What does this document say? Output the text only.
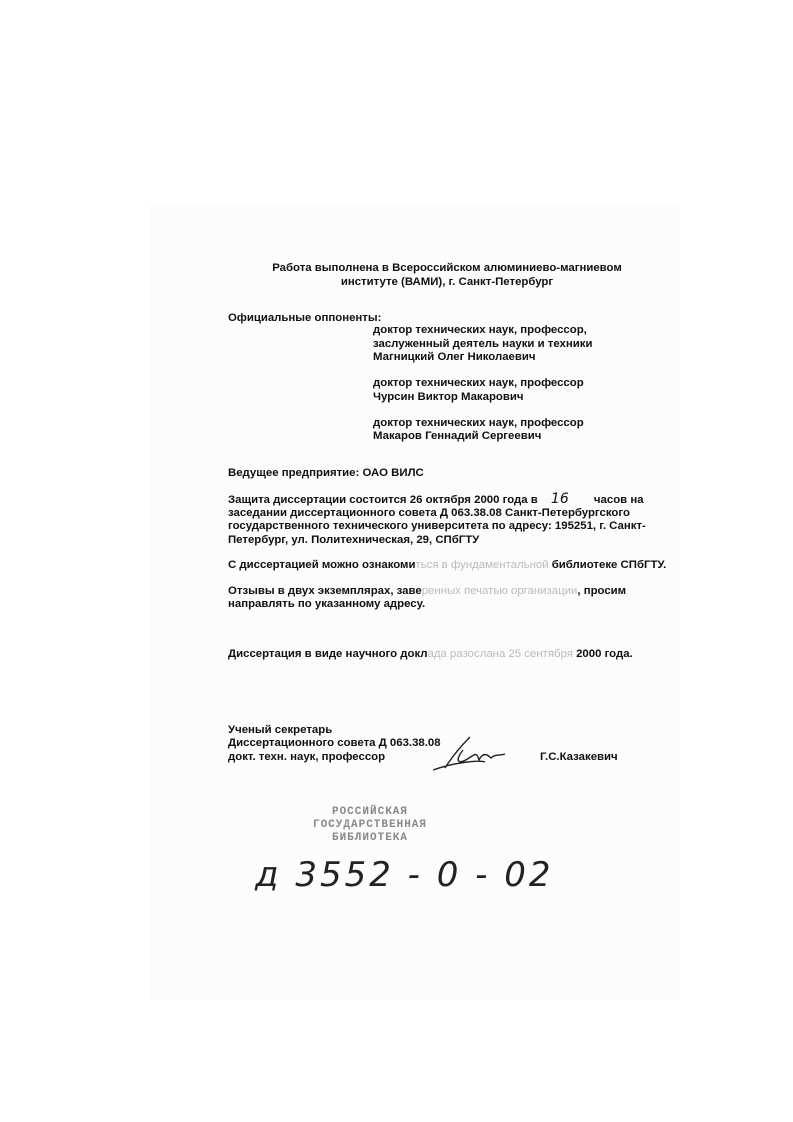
Работа выполнена в Всероссийском алюминиево-магниевом
институте (ВАМИ), г. Санкт-Петербург
Официальные оппоненты:
доктор технических наук, профессор,
заслуженный деятель науки и техники
Магницкий Олег Николаевич
доктор технических наук, профессор
Чурсин Виктор Макарович
доктор технических наук, профессор
Макаров Геннадий Сергеевич
Ведущее предприятие: ОАО ВИЛС
Защита диссертации состоится 26 октября 2000 года в 16 часов на
заседании диссертационного совета Д 063.38.08 Санкт-Петербургского
государственного технического университета по адресу: 195251, г. Санкт-
Петербург, ул. Политехническая, 29, СПбГТУ
С диссертацией можно ознакомиться в фундаментальной библиотеке СПбГТУ.
Отзывы в двух экземплярах, заверенных печатью организации, просим
направлять по указанному адресу.
Диссертация в виде научного доклада разослана 25 сентября 2000 года.
Ученый секретарь
Диссертационного совета Д 063.38.08
докт. техн. наук, профессор	Г.С.Казакевич
РОССИЙСКАЯ
ГОСУДАРСТВЕННАЯ
БИБЛИОТЕКА
д 3552 - 0 - 02
